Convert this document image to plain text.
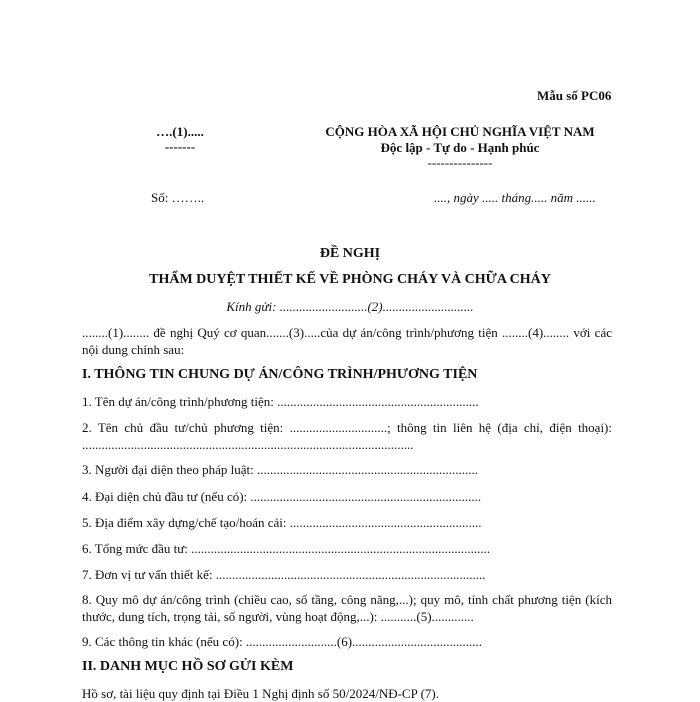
Mẫu số PC06
….(1).....
-------
CỘNG HÒA XÃ HỘI CHỦ NGHĨA VIỆT NAM
Độc lập - Tự do - Hạnh phúc
---------------
Số: ……..	...., ngày ..... tháng..... năm ......
ĐỀ NGHỊ
THẨM DUYỆT THIẾT KẾ VỀ PHÒNG CHÁY VÀ CHỮA CHÁY
Kính gửi: ...........................(2)............................
........(1)........ đề nghị Quý cơ quan.......(3).....của dự án/công trình/phương tiện ........(4)........ với các nội dung chính sau:
I. THÔNG TIN CHUNG DỰ ÁN/CÔNG TRÌNH/PHƯƠNG TIỆN
1. Tên dự án/công trình/phương tiện: ..............................................................
2. Tên chủ đầu tư/chủ phương tiện: ..............................; thông tin liên hệ (địa chỉ, điện thoại): ......................................................................................................
3. Người đại diện theo pháp luật: ....................................................................
4. Đại diện chủ đầu tư (nếu có): .......................................................................
5. Địa điểm xây dựng/chế tạo/hoán cải: ...........................................................
6. Tổng mức đầu tư: ............................................................................................
7. Đơn vị tư vấn thiết kế: ...................................................................................
8. Quy mô dự án/công trình (chiều cao, số tầng, công năng,...); quy mô, tính chất phương tiện (kích thước, dung tích, trọng tải, số người, vùng hoạt động,...): ...........(5).............
9. Các thông tin khác (nếu có): ............................(6)........................................
II. DANH MỤC HỒ SƠ GỬI KÈM
Hồ sơ, tài liệu quy định tại Điều 1 Nghị định số 50/2024/NĐ-CP (7).
